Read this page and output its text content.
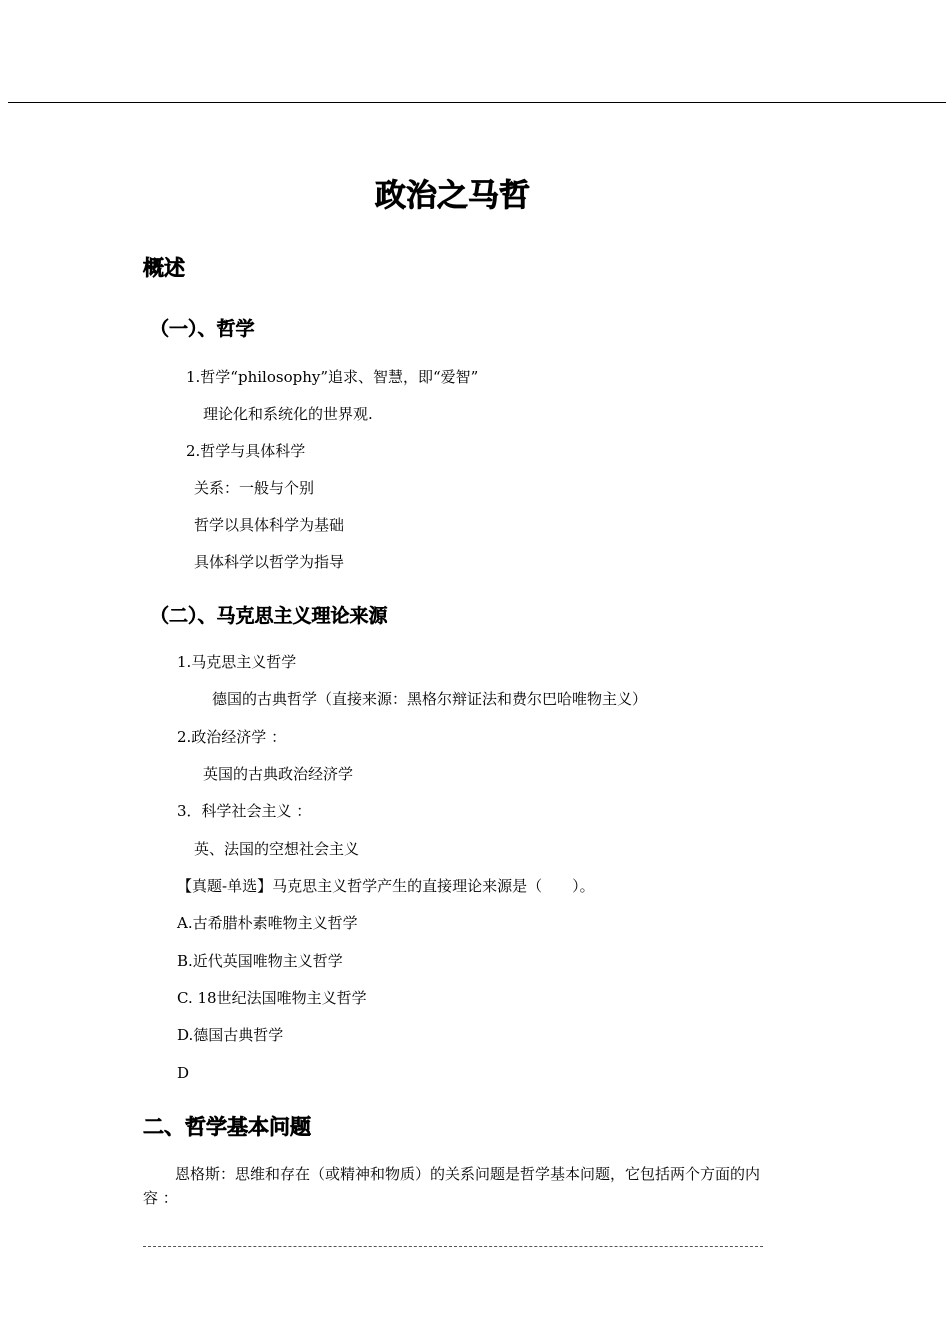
政治之马哲
概述
（一）、哲学
1.哲学“philosophy”追求、智慧，即“爱智”
理论化和系统化的世界观.
2.哲学与具体科学
关系：一般与个别
哲学以具体科学为基础
具体科学以哲学为指导
（二）、马克思主义理论来源
1.马克思主义哲学
德国的古典哲学（直接来源：黑格尔辩证法和费尔巴哈唯物主义）
2.政治经济学 ：
英国的古典政治经济学
3．科学社会主义 ：
英、法国的空想社会主义
【真题-单选】马克思主义哲学产生的直接理论来源是（　　）。
A.古希腊朴素唯物主义哲学
B.近代英国唯物主义哲学
C. 18世纪法国唯物主义哲学
D.德国古典哲学
D
二、哲学基本问题
恩格斯：思维和存在（或精神和物质）的关系问题是哲学基本问题，它包括两个方面的内容 ：
